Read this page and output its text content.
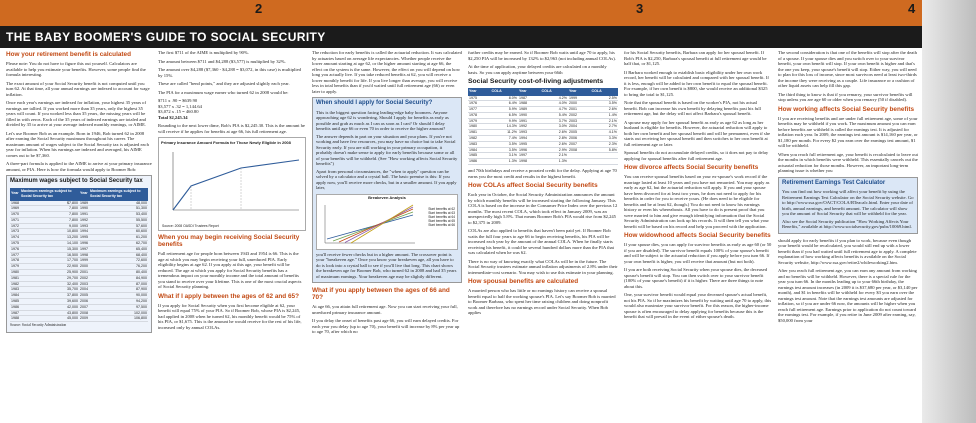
2	3	4
THE BABY BOOMER'S GUIDE TO SOCIAL SECURITY
How your retirement benefit is calculated

Please note: You do not have to figure this out yourself. Calculators are available to help you estimate your benefits. However, some people find the formula interesting.

The exact amount of your Social Security benefit is not computed until you turn 62. At that time, all your annual earnings are indexed to account for wage inflation.

Once each year's earnings are indexed for inflation, your highest 35 years of earnings are tallied. If you worked more than 35 years, only the highest 35 years will count. If you worked less than 35 years, the missing years will be filled in with zeros. Each of the 35 years of indexed earnings are totaled and divided by 35 to arrive at your average indexed monthly earnings, or AIME.

Let's use Boomer Bob as an example. Born in 1946, Bob turned 62 in 2008 after earning the Social Security maximum throughout his career. The maximum amount of wages subject to the Social Security tax is adjusted each year for inflation. When his earnings are indexed and averaged, his AIME comes out to be $7,360.

A three-part formula is applied to the AIME to arrive at your primary insurance amount, or PIA. Here is how the formula would apply to Boomer Bob:

Maximum wages subject to Social Security tax
Year	Maximum earnings subject to Social Security tax	Year	Maximum earnings subject to Social Security tax
1968	$7,800	1989	48,000
1969	7,800	1990	51,300
1970	7,800	1991	53,400
1971	7,800	1992	55,500
1972	9,000	1993	57,600
1973	10,800	1994	60,600
1974	13,200	1995	61,200
1975	14,100	1996	62,700
1976	15,300	1997	65,400
1977	16,500	1998	68,400
1978	17,700	1999	72,600
1979	22,900	2000	76,200
1980	25,900	2001	80,400
1981	29,700	2002	84,900
1982	32,400	2003	87,000
1983	35,700	2004	87,900
1984	37,800	2005	90,000
1985	39,600	2006	94,200
1986	42,000	2007	97,500
1987	43,800	2008	102,000
1988	45,000	2009	106,800
Source: Social Security Administration

The first $711 of the AIME is multiplied by 90%.

The amount between $711 and $4,288 ($3,577) is multiplied by 32%.

The amount over $4,288 ($7,360 - $4,288 = $3,072, in this case) is multiplied by 15%.

These are called "bend points," and they are adjusted slightly each year.

The PIA for a maximum wage earner who turned 62 in 2008 would be:

$711 x .90 = $639.90
$3,577 x .32 = 1,144.64
$3,072 x .15 = 460.80
Total $2,245.34

Rounding to the next lower dime, Bob's PIA is $2,245.30. This is the amount he will receive if he applies for benefits at age 66, his full retirement age.

Primary Insurance Amount Formula for Those Newly Eligible in 2008
Source: 2008 OASDI Trustees Report
When you may begin receiving Social Security benefits

Full retirement age for people born between 1943 and 1954 is 66. This is the age at which you may begin receiving your full, unreduced PIA. Early eligibility begins at age 62. If you apply at this age, your benefit will be reduced. The age at which you apply for Social Security benefits has a tremendous impact on your monthly income and the total amount of benefits you stand to receive over your lifetime. This is one of the most crucial aspects of Social Security planning.

What if I apply between the ages of 62 and 65?

If you apply for Social Security when you first become eligible at 62, your benefit will equal 75% of your PIA. So if Boomer Bob, whose PIA is $2,245, had applied in 2008 when he turned 62, his monthly benefit would be 75% of his PIA, or $1,675. This is the amount he would receive for the rest of his life, increased only by annual COLAs.

The reduction for early benefits is called the actuarial reduction. It was calculated by actuaries based on average life expectancies. Whether people receive the lower amount starting at age 62, or the higher amount starting at age 66, the effect on the system is the same. However, the effect on you will depend on how long you actually live. If you take reduced benefits at 62, you will receive a lower monthly benefit for life. If you live longer than average, you will receive less in total benefits than if you'd waited until full retirement age (66) or even later to apply.

When should I apply for Social Security?

This is the biggest question facing leading-edge baby boomers. Anyone approaching age 62 is wondering, Should I apply for benefits as early as possible and grab as much as I can as soon as I can? Or should I delay benefits until age 66 or even 70 in order to receive the higher amount?

The answer depends in part on your situation and your plans. If you're not working and have few resources, you may have no choice but to take Social Security early. If you are still working in your primary occupation, it probably doesn't make sense to apply for early benefits because some or all of your benefits will be withheld. (See "How working affects Social Security benefits")

Apart from personal circumstances, the "when to apply" question can be solved by a calculator and a crystal ball. The basic premise is this: If you apply now, you'll receive more checks, but in a smaller amount. If you apply later,

Breakeven Analysis
Start benefits at 62
Start benefits at 63
Start benefits at 64
Start benefits at 65
Start benefits at 66

you'll receive fewer checks but in a higher amount. The crossover point is your "breakeven age." Once you know your breakeven age, all you have to do is look into a crystal ball to see if you'll live that long. This chart shows the breakeven age for Boomer Bob, who turned 62 in 2008 and had 35 years of maximum earnings. Your breakeven age may be slightly different.

What if you apply between the ages of 66 and 70?

At age 66, you attain full retirement age. Now you can start receiving your full, unreduced primary insurance amount.

If you delay the onset of benefits past age 66, you will earn delayed credits. For each year you delay (up to age 70), your benefit will increase by 8% per year up to age 70, after which no

further credits may be earned. So if Boomer Bob waits until age 70 to apply, his $2,250 PIA will be increased by 132% to $2,963 (not including annual COLAs).

At the time of application, your delayed credits are calculated on a monthly basis. So you can apply anytime between your 66th

Social Security cost-of-living adjustments
Year	COLA	Year	COLA	Year	COLA
1975	8.0%	1987	4.2%	1999	2.5%
1976	6.4%	1988	4.0%	2000	3.5%
1977	5.9%	1989	4.7%	2001	2.6%
1978	6.5%	1990	5.4%	2002	1.4%
1979	9.9%	1991	3.7%	2003	2.1%
1980	14.3%	1992	3.0%	2004	2.7%
1981	11.2%	1993	2.6%	2005	4.1%
1982	7.4%	1994	2.8%	2006	3.3%
1983	3.5%	1995	2.6%	2007	2.3%
1984	3.5%	1996	2.9%	2008	5.8%
1985	3.1%	1997	2.1%		
1986	1.3%	1998	1.3%		

and 70th birthdays and receive a prorated credit for the delay. Applying at age 70 earns you the most credit and results in the highest benefit.

How COLAs affect Social Security benefits

Each year in October, the Social Security Administration announces the amount by which monthly benefits will be increased starting the following January. This COLA is based on the increase in the Consumer Price Index over the previous 12 months. The most recent COLA, which took effect in January 2009, was an unexpectedly high 5.8%. That means Boomer Bob's PIA would rise from $2,245 to $2,375 in 2009.

COLAs are also applied to benefits that haven't been paid yet. If Boomer Bob waits the full four years to age 66 to begin receiving benefits, his PIA will be increased each year by the amount of the annual COLA. When he finally starts receiving his benefit, it could be several hundred dollars more than the PIA that was calculated when he was 62.

There is no way of knowing exactly what COLAs will be in the future. The Social Security trustees estimate annual inflation adjustments of 2.8% under their intermediate-cost scenario. You may wish to use this estimate in your planning.

How spousal benefits are calculated

A married person who has little or no earnings history can receive a spousal benefit equal to half the working spouse's PIA. Let's say Boomer Bob is married to Boomer Barbara, who spent her time raising children and doing nonprofit work and therefore has no earnings record under Social Security. When Bob applies

for his Social Security benefits, Barbara can apply for her spousal benefit. If Bob's PIA is $2,250, Barbara's spousal benefit at full retirement age would be half that, or $1,125.

If Barbara worked enough to establish basic eligibility under her own work record, her benefit will be calculated and compared with her spousal benefit. If it is less, enough will be added to her own benefit to equal the spousal benefit. For example, if her own benefit is $800, she would receive an additional $325 to bring the total to $1,125.

Note that the spousal benefit is based on the worker's PIA, not his actual benefit. Bob can increase his own benefit by delaying benefits past his full retirement age, but the delay will not affect Barbara's spousal benefit.

A spouse may apply for her spousal benefit as early as age 62 as long as her husband is eligible for benefits. However, the actuarial reduction will apply to both her own benefit and her spousal benefit and will be permanent, even if she starts out receiving her spousal benefit and then switches to her own benefit at full retirement age or later.

Spousal benefits do not accumulate delayed credits, so it does not pay to delay applying for spousal benefits after full retirement age.

How divorce affects Social Security benefits

You can receive spousal benefits based on your ex-spouse's work record if the marriage lasted at least 10 years and you have not remarried. You may apply as early as age 62, but the actuarial reduction will apply. If you and your spouse have been divorced for at least two years, he does not need to apply for his benefits in order for you to receive yours. (He does need to be eligible for benefits and be at least 62, though.) You do not need to know his earnings history or even his whereabouts. All you have to do is present proof that you were married to him and give enough identifying information that the Social Security Administration can look up his records. It will then tell you what your benefit will be based on his record and help you proceed with the application.

How widowhood affects Social Security benefits

If your spouse dies, you can apply for survivor benefits as early as age 60 (or 50 if you are disabled). The survivor benefit equals 100% of your spouse's benefit and will be subject to the actuarial reduction if you apply before you turn 66. If your own benefit is higher, you will receive that amount (but not both).

If you are both receiving Social Security when your spouse dies, the deceased spouse's benefit will stop. You can then switch over to your survivor benefit (100% of your spouse's benefit) if it is higher. There are three things to note about this.

One, your survivor benefit would equal your deceased spouse's actual benefit, not his PIA. So if he maximizes his benefit by waiting until age 70 to apply, this would also maximize your survivor benefit. For this reason, the higher-income spouse is often encouraged to delay applying for benefits because this is the benefit that will prevail in the event of either spouse's death.

The second consideration is that one of the benefits will stop after the death of a spouse. If your spouse dies and you switch over to your survivor benefit, your own benefit will stop. If your own benefit is higher and that's the one you keep, your spouse's benefit will stop. Either way, you will need to plan for this loss of income, since most survivors need at least two-thirds the income they were receiving as a couple. Life insurance or a cushion of other liquid assets can help fill this gap.

The third thing to know is that if you remarry, your survivor benefits will stop unless you are age 60 or older when you remarry (50 if disabled).

How working affects Social Security benefits

If you are receiving benefits and are under full retirement age, some of your benefits may be withheld if you work. The maximum amount you can earn before benefits are withheld is called the earnings test. It is adjusted for inflation each year. In 2009, the earnings test amount is $14,160 per year, or $1,180 per month. For every $2 you earn over the earnings test amount, $1 will be withheld.

When you reach full retirement age, your benefit is recalculated to leave out the months in which benefits were withheld. This essentially cancels out the actuarial reduction for those months. However, an important long-term planning issue is whether you

Retirement Earnings Test Calculator

You can find out how working will affect your benefit by using the Retirement Earnings Test Calculator on the Social Security website. Go to http://www.ssa.gov/OACT/COLA/RTeacalc.html. Enter your date of birth, annual earnings, and benefit amount. The calculator will show you the amount of Social Security that will be withheld for the year.

Also see the Social Security publication "How Working Affects Your Benefits," available at http://www.socialsecurity.gov/pubs/10069.html.

should apply for early benefits if you plan to work, because even though your benefit would be recalculated, you would still end up with a lower benefit than if you had waited until full retirement age to apply. A complete explanation of how working affects benefits is available on the Social Security website, http://www.ssa.gov/retire2/whileworking2.htm.

After you reach full retirement age, you can earn any amount from working and no benefits will be withheld. However, there is a special rule for the year you turn 66. In the months leading up to your 66th birthday, the earnings test amount increases (in 2009 it is $37,680 per year, or $3,140 per month), and $1 in benefits will be withheld for every $3 you earn over the earnings test amount. Note that the earnings test amounts are adjusted for inflation, so if you are under 66 now, the amounts will be higher when you reach full retirement age. Earnings prior to application do not count toward the earnings test. For example, if you retire in June 2009 after earning, say, $50,000 from your
